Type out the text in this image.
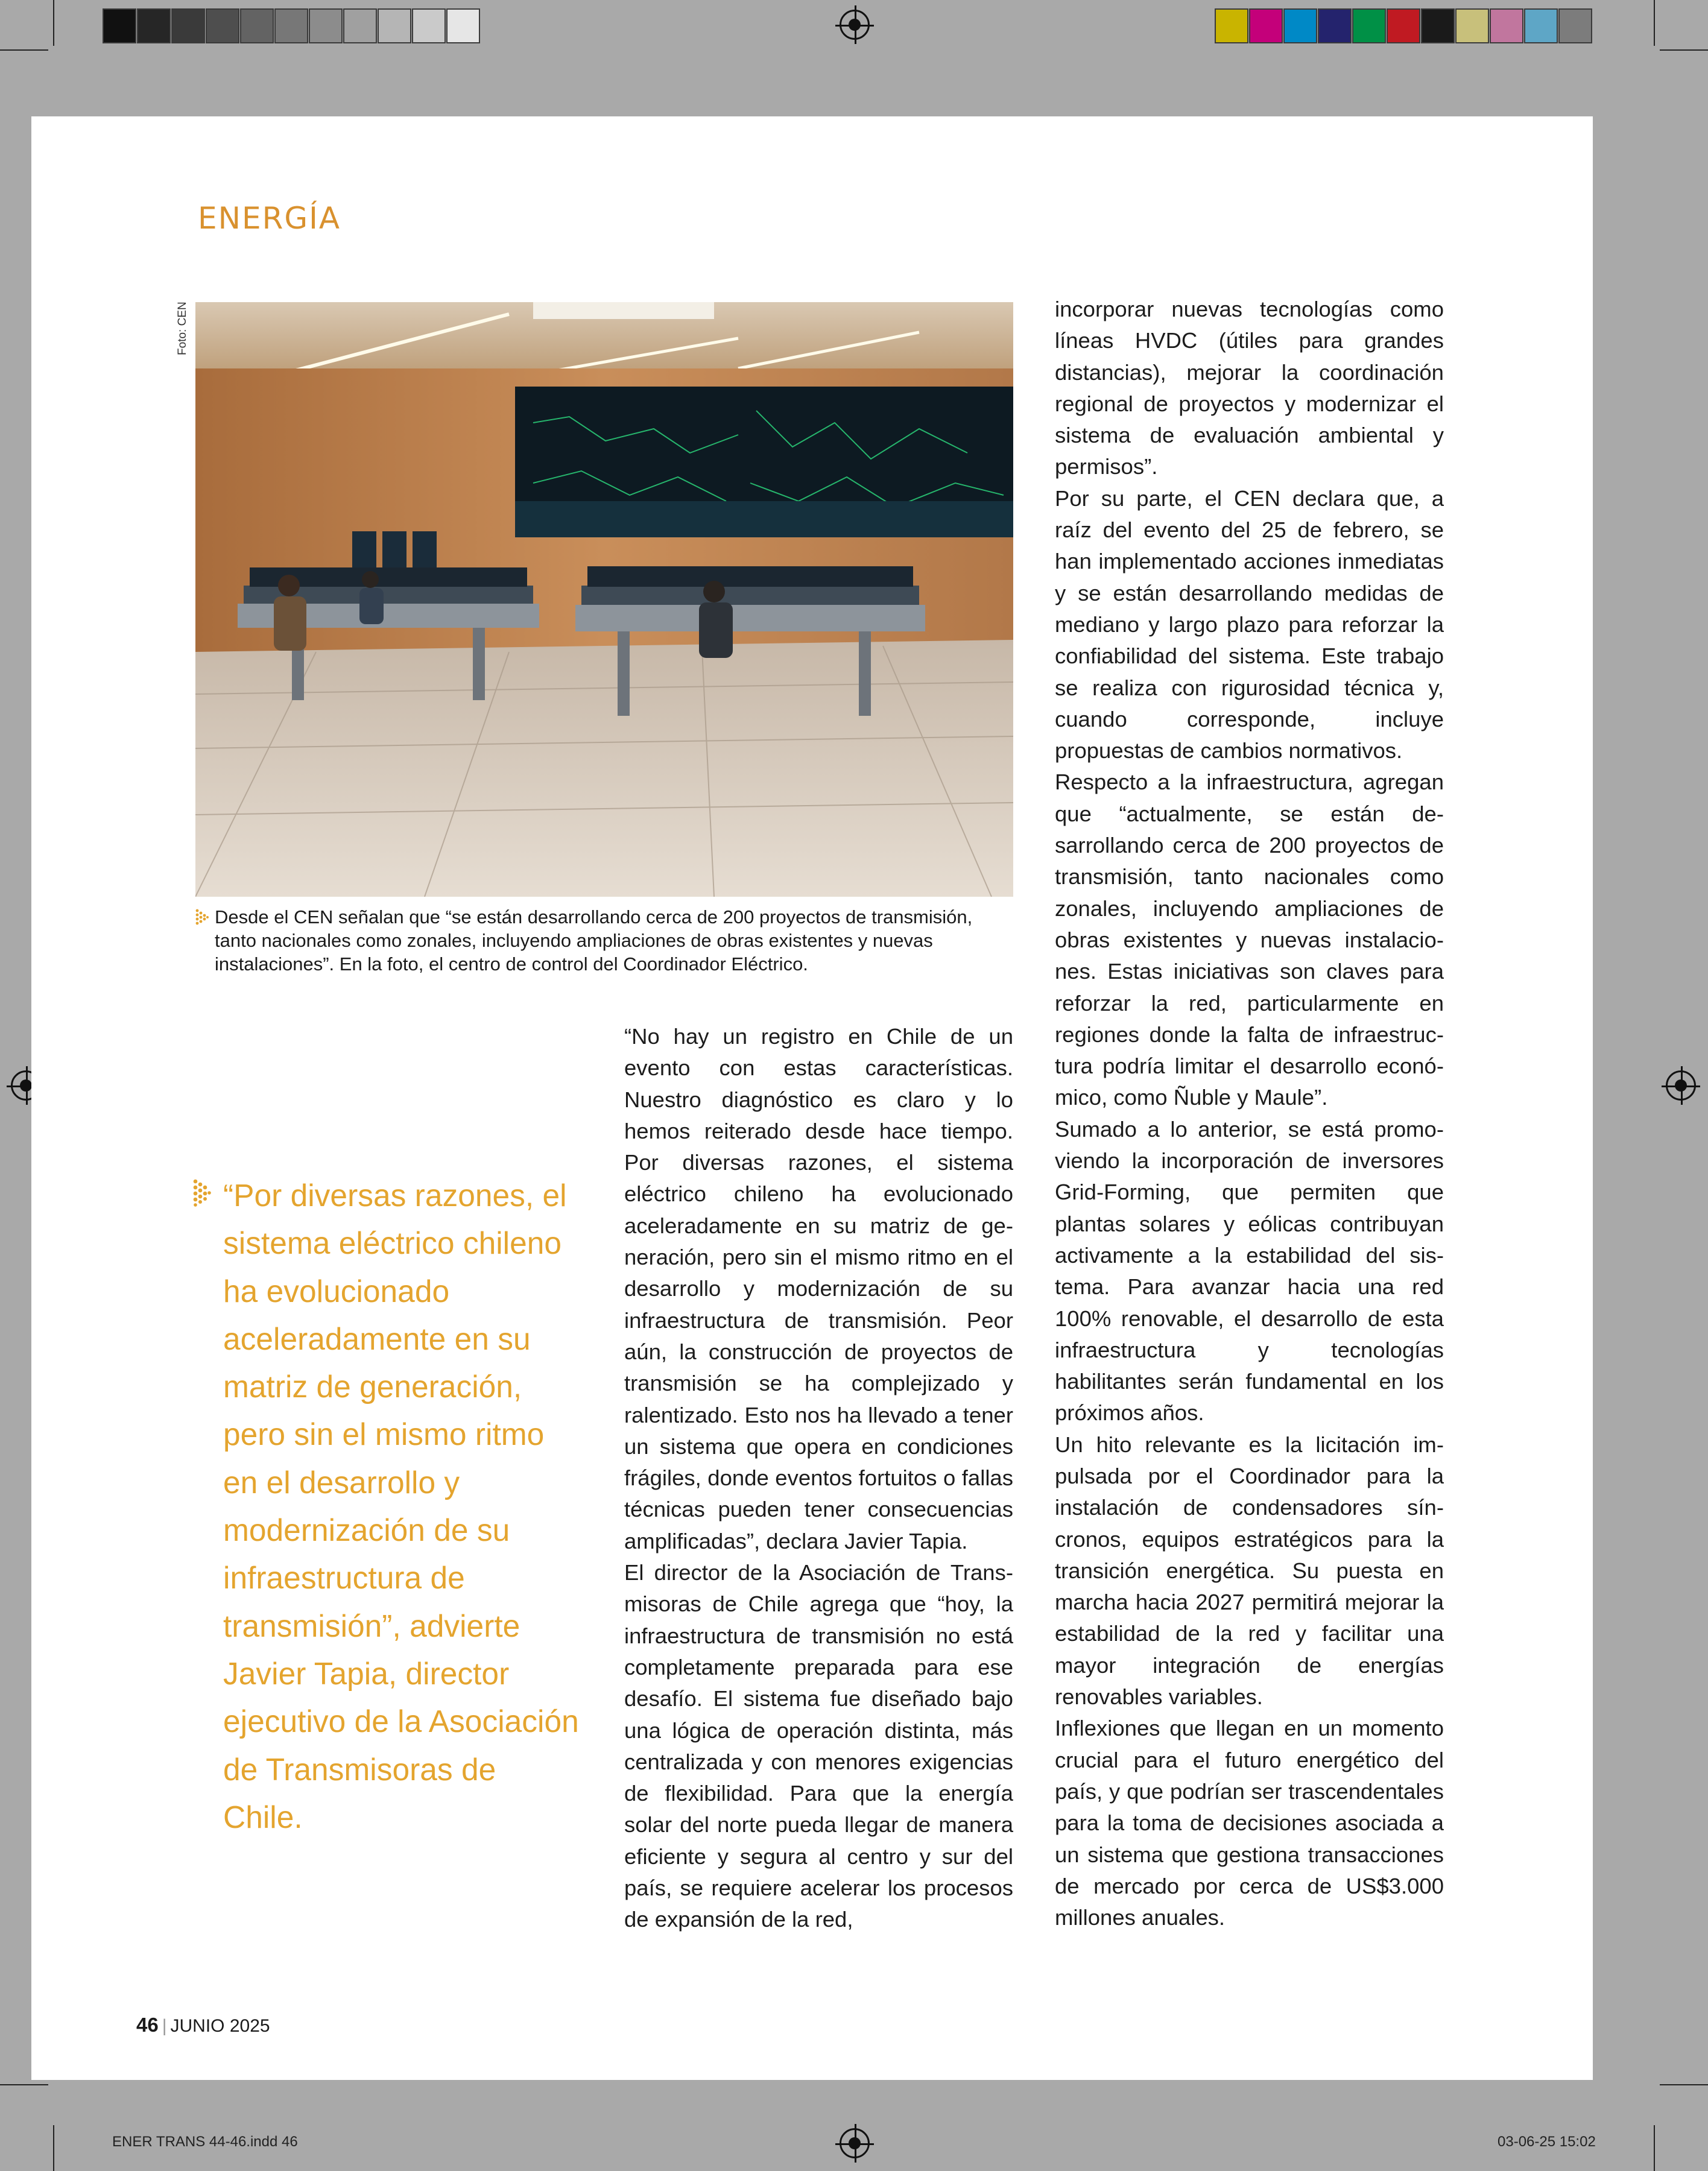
ENER TRANS 44-46.indd 46	03-06-25 15:02
ENERGÍA
Foto: CEN
Desde el CEN señalan que “se están desarrollando cerca de 200 proyectos de transmisión, tanto nacionales como zonales, incluyendo ampliaciones de obras existentes y nuevas instalaciones”. En la foto, el centro de control del Coordinador Eléctrico.
“Por diversas razones, el sistema eléctrico chileno ha evolucionado aceleradamente en su matriz de generación, pero sin el mismo ritmo en el desarrollo y modernización de su infraestructura de transmisión”, advierte Javier Tapia, director ejecutivo de la Asociación de Transmisoras de Chile.

“No hay un registro en Chile de un evento con estas características. Nuestro diagnóstico es claro y lo hemos reiterado desde hace tiempo. Por diversas razones, el sistema eléctrico chileno ha evolucionado aceleradamente en su matriz de generación, pero sin el mismo ritmo en el desarrollo y modernización de su infraestructura de transmisión. Peor aún, la construcción de proyectos de transmisión se ha complejizado y ralentizado. Esto nos ha llevado a tener un sistema que opera en condiciones frágiles, donde eventos fortuitos o fallas técnicas pueden tener consecuencias amplificadas”, declara Javier Tapia.

El director de la Asociación de Transmisoras de Chile agrega que “hoy, la infraestructura de transmisión no está completamente preparada para ese desafío. El sistema fue diseñado bajo una lógica de operación distinta, más centralizada y con menores exigencias de flexibilidad. Para que la energía solar del norte pueda llegar de manera eficiente y segura al centro y sur del país, se requiere acelerar los procesos de expansión de la red,

incorporar nuevas tecnologías como líneas HVDC (útiles para grandes distancias), mejorar la coordinación regional de proyectos y modernizar el sistema de evaluación ambiental y permisos”.

Por su parte, el CEN declara que, a raíz del evento del 25 de febrero, se han implementado acciones inmediatas y se están desarrollando medidas de mediano y largo plazo para reforzar la confiabilidad del sistema. Este trabajo se realiza con rigurosidad técnica y, cuando corresponde, incluye propuestas de cambios normativos.

Respecto a la infraestructura, agregan que “actualmente, se están desarrollando cerca de 200 proyectos de transmisión, tanto nacionales como zonales, incluyendo ampliaciones de obras existentes y nuevas instalaciones. Estas iniciativas son claves para reforzar la red, particularmente en regiones donde la falta de infraestructura podría limitar el desarrollo económico, como Ñuble y Maule”.

Sumado a lo anterior, se está promoviendo la incorporación de inversores Grid-Forming, que permiten que plantas solares y eólicas contribuyan activamente a la estabilidad del sistema. Para avanzar hacia una red 100% renovable, el desarrollo de esta infraestructura y tecnologías habilitantes serán fundamental en los próximos años.

Un hito relevante es la licitación impulsada por el Coordinador para la instalación de condensadores síncronos, equipos estratégicos para la transición energética. Su puesta en marcha hacia 2027 permitirá mejorar la estabilidad de la red y facilitar una mayor integración de energías renovables variables.

Inflexiones que llegan en un momento crucial para el futuro energético del país, y que podrían ser trascendentales para la toma de decisiones asociada a un sistema que gestiona transacciones de mercado por cerca de US$3.000 millones anuales.

46 | JUNIO 2025
